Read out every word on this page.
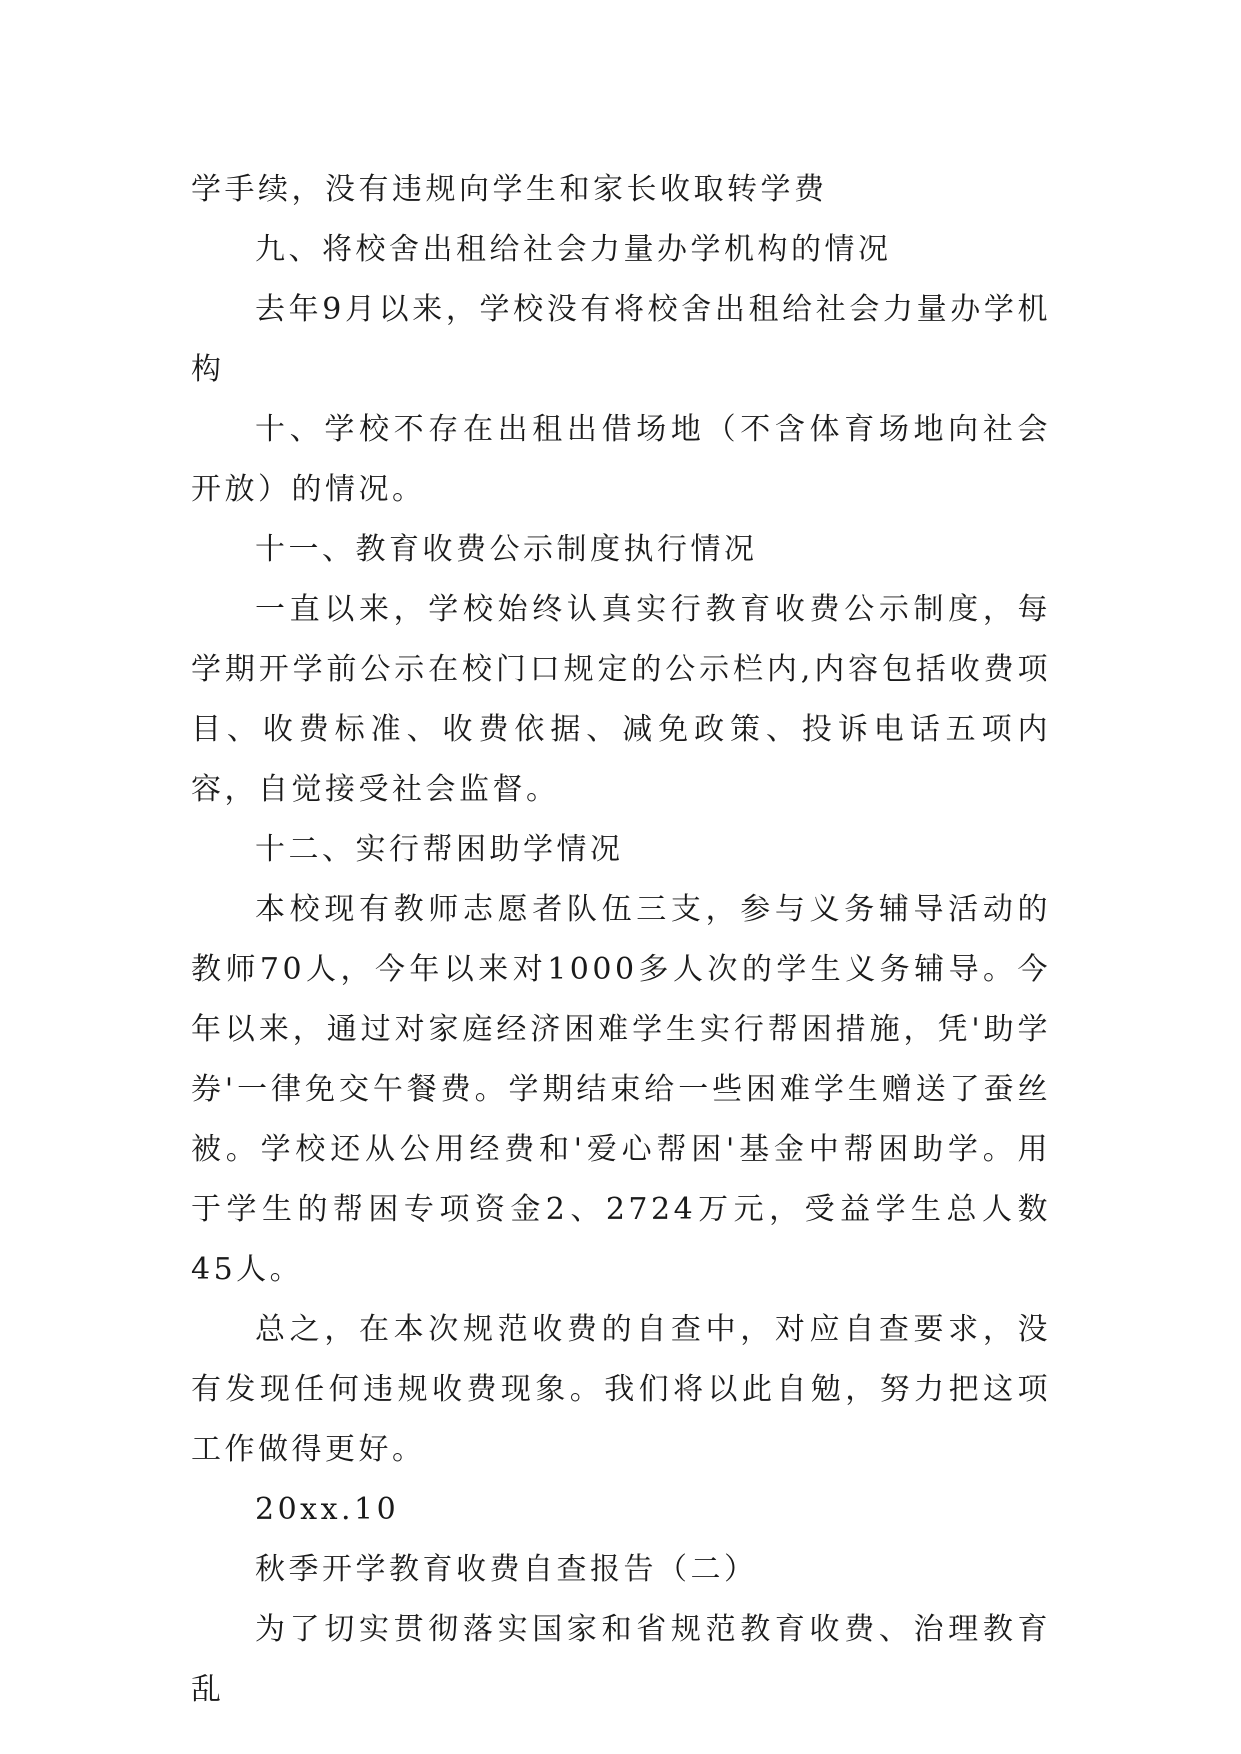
学手续，没有违规向学生和家长收取转学费

九、将校舍出租给社会力量办学机构的情况

去年9月以来，学校没有将校舍出租给社会力量办学机构

十、学校不存在出租出借场地（不含体育场地向社会开放）的情况。

十一、教育收费公示制度执行情况

一直以来，学校始终认真实行教育收费公示制度，每学期开学前公示在校门口规定的公示栏内,内容包括收费项目、收费标准、收费依据、减免政策、投诉电话五项内容，自觉接受社会监督。

十二、实行帮困助学情况

本校现有教师志愿者队伍三支，参与义务辅导活动的教师70人，今年以来对1000多人次的学生义务辅导。今年以来，通过对家庭经济困难学生实行帮困措施，凭'助学券'一律免交午餐费。学期结束给一些困难学生赠送了蚕丝被。学校还从公用经费和'爱心帮困'基金中帮困助学。用于学生的帮困专项资金2、2724万元，受益学生总人数45人。

总之，在本次规范收费的自查中，对应自查要求，没有发现任何违规收费现象。我们将以此自勉，努力把这项工作做得更好。

20xx.10

秋季开学教育收费自查报告（二）

为了切实贯彻落实国家和省规范教育收费、治理教育乱
